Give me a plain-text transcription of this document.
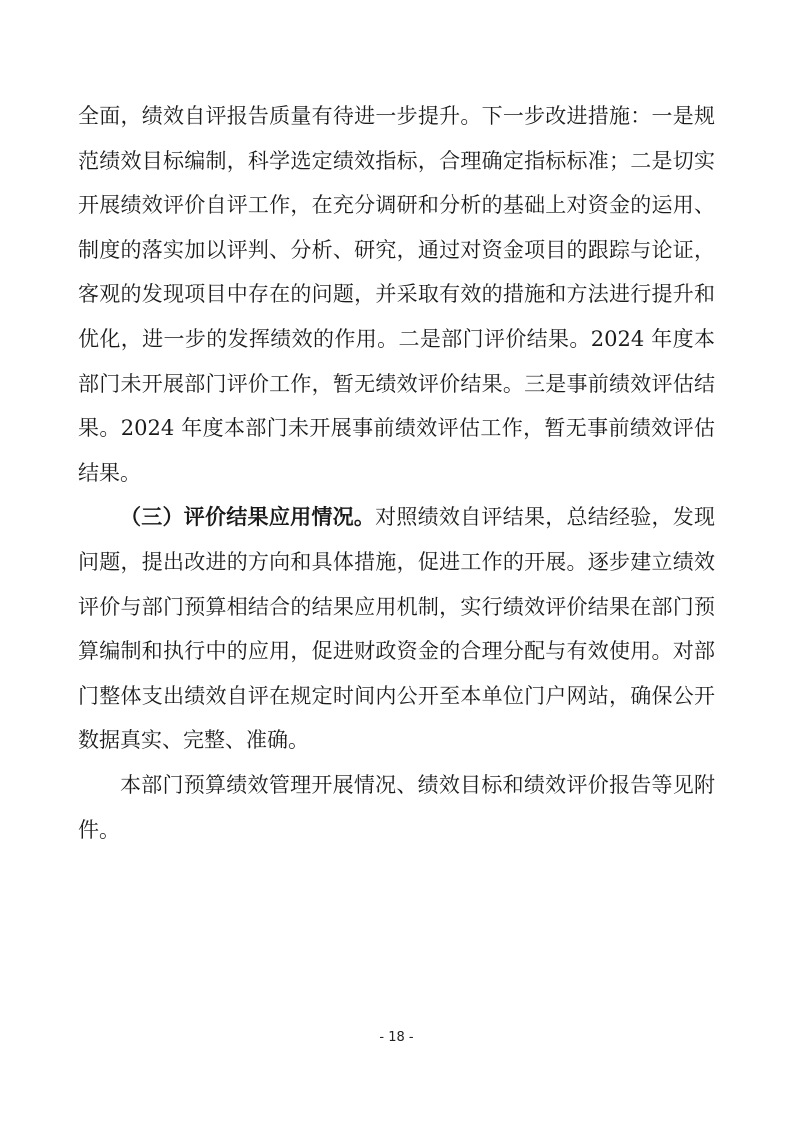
全面，绩效自评报告质量有待进一步提升。下一步改进措施：一是规范绩效目标编制，科学选定绩效指标，合理确定指标标准；二是切实开展绩效评价自评工作，在充分调研和分析的基础上对资金的运用、制度的落实加以评判、分析、研究，通过对资金项目的跟踪与论证，客观的发现项目中存在的问题，并采取有效的措施和方法进行提升和优化，进一步的发挥绩效的作用。二是部门评价结果。2024 年度本部门未开展部门评价工作，暂无绩效评价结果。三是事前绩效评估结果。2024 年度本部门未开展事前绩效评估工作，暂无事前绩效评估结果。

（三）评价结果应用情况。对照绩效自评结果，总结经验，发现问题，提出改进的方向和具体措施，促进工作的开展。逐步建立绩效评价与部门预算相结合的结果应用机制，实行绩效评价结果在部门预算编制和执行中的应用，促进财政资金的合理分配与有效使用。对部门整体支出绩效自评在规定时间内公开至本单位门户网站，确保公开数据真实、完整、准确。

本部门预算绩效管理开展情况、绩效目标和绩效评价报告等见附件。

- 18 -
